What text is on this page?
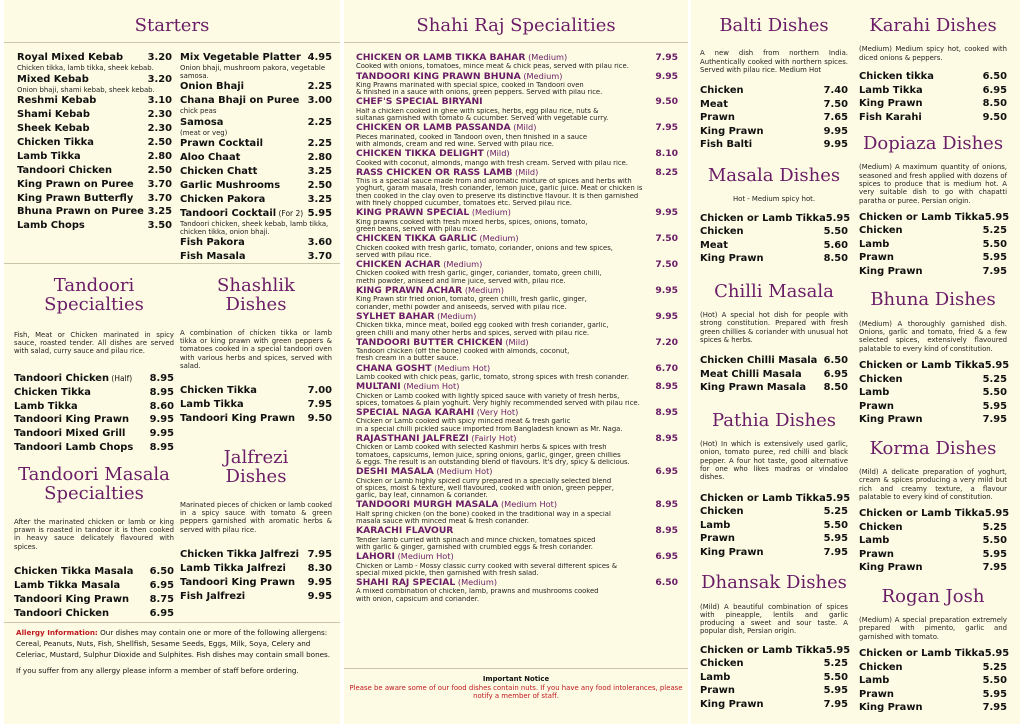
Starters
Royal Mixed Kebab 3.20
Chicken tikka, lamb tikka, sheek kebab.
Mixed Kebab	3.20
Onion bhaji, shami kebab, sheek kebab.
Reshmi Kebab	3.10
Shami Kebab	2.30
Sheek Kebab	2.30
Chicken Tikka	2.50
Lamb Tikka	2.80
Tandoori Chicken	2.50
King Prawn on Puree 3.70
King Prawn Butterfly 3.70
Bhuna Prawn on Puree 3.25
Lamb Chops	3.50
Mix Vegetable Platter 4.95
Onion bhaji, mushroom pakora, vegetable samosa.
Onion Bhaji	2.25
Chana Bhaji on Puree 3.00
chick peas
Samosa	2.25
(meat or veg)
Prawn Cocktail	2.25
Aloo Chaat	2.80
Chicken Chatt	3.25
Garlic Mushrooms	2.50
Chicken Pakora	3.25
Tandoori Cocktail (For 2) 5.95
Tandoori chicken, sheek kebab, lamb tikka, chicken tikka, onion bhaji.
Fish Pakora	3.60
Fish Masala	3.70
Tandoori Specialties
Fish, Meat or Chicken marinated in spicy sauce, roasted tender. All dishes are served with salad, curry sauce and pilau rice.
Tandoori Chicken (Half) 8.95
Chicken Tikka	8.95
Lamb Tikka	8.60
Tandoori King Prawn 9.95
Tandoori Mixed Grill 9.95
Tandoori Lamb Chops 8.95
Shashlik Dishes
A combination of chicken tikka or lamb tikka or king prawn with green peppers & tomatoes cooked in a special tandoori oven with various herbs and spices, served with salad.
Chicken Tikka	7.00
Lamb Tikka	7.95
Tandoori King Prawn 9.50
Tandoori Masala Specialties
After the marinated chicken or lamb or king prawn is roasted in tandoor it is then cooked in heavy sauce delicately flavoured with spices.
Chicken Tikka Masala 6.50
Lamb Tikka Masala	6.95
Tandoori King Prawn 8.75
Tandoori Chicken	6.95
Jalfrezi Dishes
Marinated pieces of chicken or lamb cooked in a spicy sauce with tomato & green peppers garnished with aromatic herbs & served with pilau rice.
Chicken Tikka Jalfrezi 7.95
Lamb Tikka Jalfrezi 8.30
Tandoori King Prawn 9.95
Fish Jalfrezi	9.95
Allergy Information: Our dishes may contain one or more of the following allergens: Cereal, Peanuts, Nuts, Fish, Shellfish, Sesame Seeds, Eggs, Milk, Soya, Celery and Celeriac, Mustard, Sulphur Dioxide and Sulphites. Fish dishes may contain small bones.
If you suffer from any allergy please inform a member of staff before ordering.
Shahi Raj Specialities
CHICKEN OR LAMB TIKKA BAHAR (Medium)	7.95
Cooked with onions, tomatoes, mince meat & chick peas, served with pilau rice.
TANDOORI KING PRAWN BHUNA (Medium)	9.95
King Prawns marinated with special spice, cooked in Tandoori oven
& finished in a sauce with onions, green peppers. Served with pilau rice.
CHEF'S SPECIAL BIRYANI	9.50
Half a chicken cooked in ghee with spices, herbs, egg pilau rice, nuts &
sultanas garnished with tomato & cucumber. Served with vegetable curry.
CHICKEN OR LAMB PASSANDA (Mild)	7.95
Pieces marinated, cooked in Tandoori oven, then finished in a sauce
with almonds, cream and red wine. Served with pilau rice.
CHICKEN TIKKA DELIGHT (Mild)	8.10
Cooked with coconut, almonds, mango with fresh cream. Served with pilau rice.
RASS CHICKEN OR RASS LAMB (Mild)	8.25
This is a special sauce made from and aromatic mixture of spices and herbs with
yoghurt, garam masala, fresh coriander, lemon juice, garlic juice. Meat or chicken is
then cooked in the clay oven to preserve its distinctive flavour. It is then garnished
with finely chopped cucumber, tomatoes etc. Served pilau rice.
KING PRAWN SPECIAL (Medium)	9.95
King prawns cooked with fresh mixed herbs, spices, onions, tomato,
green beans, served with pilau rice.
CHICKEN TIKKA GARLIC (Medium)	7.50
Chicken cooked with fresh garlic, tomato, coriander, onions and few spices,
served with pilau rice.
CHICKEN ACHAR (Medium)	7.50
Chicken cooked with fresh garlic, ginger, coriander, tomato, green chilli,
methi powder, aniseed and lime juice, served with, pilau rice.
KING PRAWN ACHAR (Medium)	9.95
King Prawn stir fried onion, tomato, green chilli, fresh garlic, ginger,
coriander, methi powder and aniseeds, served with pilau rice.
SYLHET BAHAR (Medium)	9.95
Chicken tikka, mince meat, boiled egg cooked with fresh coriander, garlic,
green chilli and many other herbs and spices, served with pilau rice.
TANDOORI BUTTER CHICKEN (Mild)	7.20
Tandoori chicken (off the bone) cooked with almonds, coconut,
fresh cream in a butter sauce.
CHANA GOSHT (Medium Hot)	6.70
Lamb cooked with chick peas, garlic, tomato, strong spices with fresh coriander.
MULTANI (Medium Hot)	8.95
Chicken or Lamb cooked with lightly spiced sauce with variety of fresh herbs,
spices, tomatoes & plain yoghurt. Very highly recommended served with pilau rice.
SPECIAL NAGA KARAHI (Very Hot)	8.95
Chicken or Lamb cooked with spicy minced meat & fresh garlic
in a special chilli pickled sauce imported from Bangladesh known as Mr. Naga.
RAJASTHANI JALFREZI (Fairly Hot)	8.95
Chicken or Lamb cooked with selected Kashmiri herbs & spices with fresh
tomatoes, capsicums, lemon juice, spring onions, garlic, ginger, green chillies
& eggs. The result is an outstanding blend of flavours. It's dry, spicy & delicious.
DESHI MASALA (Medium Hot)	6.95
Chicken or Lamb highly spiced curry prepared in a specially selected blend
of spices, moist & texture, well flavoured, cooked with onion, green pepper,
garlic, bay leaf, cinnamon & coriander.
TANDOORI MURGH MASALA (Medium Hot)	8.95
Half spring chicken (on the bone) cooked in the traditional way in a special
masala sauce with minced meat & fresh coriander.
KARACHI FLAVOUR	8.95
Tender lamb curried with spinach and mince chicken, tomatoes spiced
with garlic & ginger, garnished with crumbled eggs & fresh coriander.
LAHORI (Medium Hot)	6.95
Chicken or Lamb - Mossy classic curry cooked with several different spices &
special mixed pickle, then garnished with fresh salad.
SHAHI RAJ SPECIAL (Medium)	6.50
A mixed combination of chicken, lamb, prawns and mushrooms cooked
with onion, capsicum and coriander.
Important Notice
Please be aware some of our food dishes contain nuts. If you have any food intolerances, please
notify a member of staff.
Balti Dishes
A new dish from northern India. Authentically cooked with northern spices. Served with pilau rice. Medium Hot
Chicken	7.40
Meat	7.50
Prawn	7.65
King Prawn	9.95
Fish Balti	9.95
Masala Dishes
Hot - Medium spicy hot.
Chicken or Lamb Tikka 5.95
Chicken	5.50
Meat	5.60
King Prawn	8.50
Chilli Masala
(Hot) A special hot dish for people with strong constitution. Prepared with fresh green chillies & coriander with unusual hot spices & herbs.
Chicken Chilli Masala 6.50
Meat Chilli Masala 6.95
King Prawn Masala 8.50
Pathia Dishes
(Hot) In which is extensively used garlic, onion, tomato puree, red chilli and black pepper. A four hot taste, good alternative for one who likes madras or vindaloo dishes.
Chicken or Lamb Tikka 5.95
Chicken	5.25
Lamb	5.50
Prawn	5.95
King Prawn	7.95
Dhansak Dishes
(Mild) A beautiful combination of spices with pineapple, lentils and garlic producing a sweet and sour taste. A popular dish, Persian origin.
Chicken or Lamb Tikka 5.95
Chicken	5.25
Lamb	5.50
Prawn	5.95
King Prawn	7.95
Karahi Dishes
(Medium) Medium spicy hot, cooked with diced onions & peppers.
Chicken tikka	6.50
Lamb Tikka	6.95
King Prawn	8.50
Fish Karahi	9.50
Dopiaza Dishes
(Medium) A maximum quantity of onions, seasoned and fresh applied with dozens of spices to produce that is medium hot. A very suitable dish to go with chapatti paratha or puree. Persian origin.
Chicken or Lamb Tikka 5.95
Chicken	5.25
Lamb	5.50
Prawn	5.95
King Prawn	7.95
Bhuna Dishes
(Medium) A thoroughly garnished dish. Onions, garlic and tomato, fried & a few selected spices, extensively flavoured palatable to every kind of constitution.
Chicken or Lamb Tikka 5.95
Chicken	5.25
Lamb	5.50
Prawn	5.95
King Prawn	7.95
Korma Dishes
(Mild) A delicate preparation of yoghurt, cream & spices producing a very mild but rich and creamy texture, a flavour palatable to every kind of constitution.
Chicken or Lamb Tikka 5.95
Chicken	5.25
Lamb	5.50
Prawn	5.95
King Prawn	7.95
Rogan Josh
(Medium) A special preparation extremely prepared with pimento, garlic and garnished with tomato.
Chicken or Lamb Tikka 5.95
Chicken	5.25
Lamb	5.50
Prawn	5.95
King Prawn	7.95
